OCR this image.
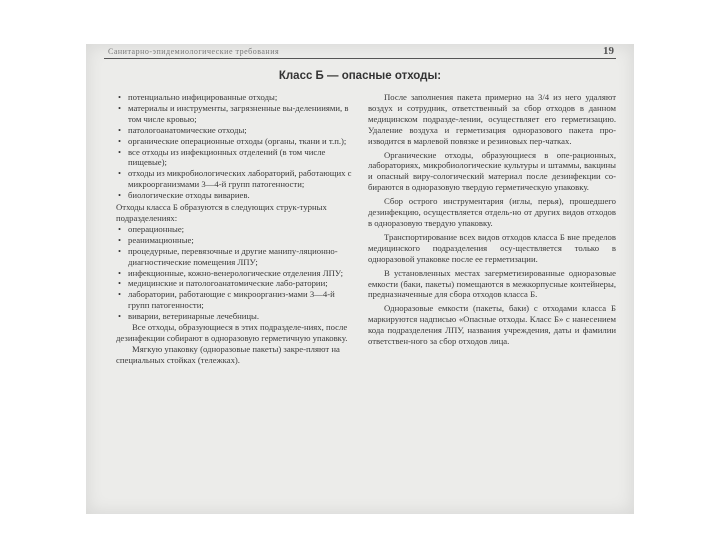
Санитарно-эпидемиологические требования	19
Класс Б — опасные отходы:
• потенциально инфицированные отходы;
• материалы и инструменты, загрязненные вы-деленииями, в том числе кровью;
• патологоанатомические отходы;
• органические операционные отходы (органы, ткани и т.п.);
• все отходы из инфекционных отделений (в том числе пищевые);
• отходы из микробиологических лабораторий, работающих с микроорганизмами 3—4-й групп патогенности;
• биологические отходы вивариев.

Отходы класса Б образуются в следующих струк-турных подразделениях:

• операционные;
• реанимационные;
• процедурные, перевязочные и другие манипу-ляционно-диагностические помещения ЛПУ;
• инфекционные, кожно-венерологические отделения ЛПУ;
• медицинские и патологоанатомические лабо-ратории;
• лаборатории, работающие с микроорганиз-мами 3—4-й групп патогенности;
• виварии, ветеринарные лечебницы.

Все отходы, образующиеся в этих подразделе-ниях, после дезинфекции собирают в одноразовую герметичную упаковку.

Мягкую упаковку (одноразовые пакеты) закре-пляют на специальных стойках (тележках).

После заполнения пакета примерно на 3/4 из него удаляют воздух и сотрудник, ответственный за сбор отходов в данном медицинском подразде-лении, осуществляет его герметизацию. Удаление воздуха и герметизация одноразового пакета про-изводится в марлевой повязке и резиновых пер-чатках.

Органические отходы, образующиеся в опе-рационных, лабораториях, микробиологические культуры и штаммы, вакцины и опасный виру-сологический материал после дезинфекции со-бираются в одноразовую твердую герметическую упаковку.

Сбор острого инструментария (иглы, перья), прошедшего дезинфекцию, осуществляется отдель-но от других видов отходов в одноразовую твердую упаковку.

Транспортирование всех видов отходов класса Б вне пределов медицинского подразделения осу-ществляется только в одноразовой упаковке после ее герметизации.

В установленных местах загерметизированные одноразовые емкости (баки, пакеты) помещаются в межкорпусные контейнеры, предназначенные для сбора отходов класса Б.

Одноразовые емкости (пакеты, баки) с отходами класса Б маркируются надписью «Опасные отходы. Класс Б» с нанесением кода подразделения ЛПУ, названия учреждения, даты и фамилии ответствен-ного за сбор отходов лица.
